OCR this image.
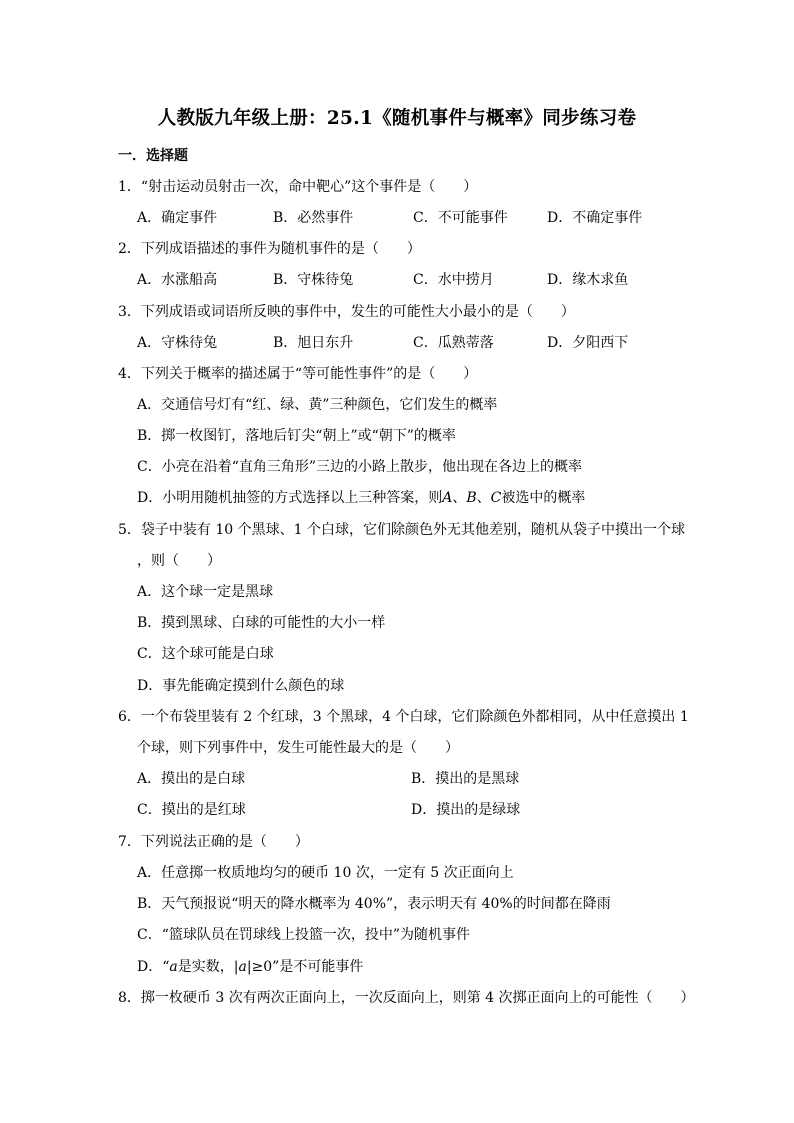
人教版九年级上册：25.1《随机事件与概率》同步练习卷
一．选择题
1．“射击运动员射击一次，命中靶心”这个事件是（　　）
A．确定事件	B．必然事件	C．不可能事件	D．不确定事件
2．下列成语描述的事件为随机事件的是（　　）
A．水涨船高	B．守株待兔	C．水中捞月	D．缘木求鱼
3．下列成语或词语所反映的事件中，发生的可能性大小最小的是（　　）
A．守株待兔	B．旭日东升	C．瓜熟蒂落	D．夕阳西下
4．下列关于概率的描述属于“等可能性事件”的是（　　）
A．交通信号灯有“红、绿、黄”三种颜色，它们发生的概率
B．掷一枚图钉，落地后钉尖“朝上”或“朝下”的概率
C．小亮在沿着“直角三角形”三边的小路上散步，他出现在各边上的概率
D．小明用随机抽签的方式选择以上三种答案，则A、B、C被选中的概率
5．袋子中装有 10 个黑球、1 个白球，它们除颜色外无其他差别，随机从袋子中摸出一个球
，则（　　）
A．这个球一定是黑球
B．摸到黑球、白球的可能性的大小一样
C．这个球可能是白球
D．事先能确定摸到什么颜色的球
6．一个布袋里装有 2 个红球，3 个黑球，4 个白球，它们除颜色外都相同，从中任意摸出 1
个球，则下列事件中，发生可能性最大的是（　　）
A．摸出的是白球	B．摸出的是黑球
C．摸出的是红球	D．摸出的是绿球
7．下列说法正确的是（　　）
A．任意掷一枚质地均匀的硬币 10 次，一定有 5 次正面向上
B．天气预报说“明天的降水概率为 40%”，表示明天有 40%的时间都在降雨
C．“篮球队员在罚球线上投篮一次，投中”为随机事件
D．“a是实数，|a|≥0”是不可能事件
8．掷一枚硬币 3 次有两次正面向上，一次反面向上，则第 4 次掷正面向上的可能性（　　）
